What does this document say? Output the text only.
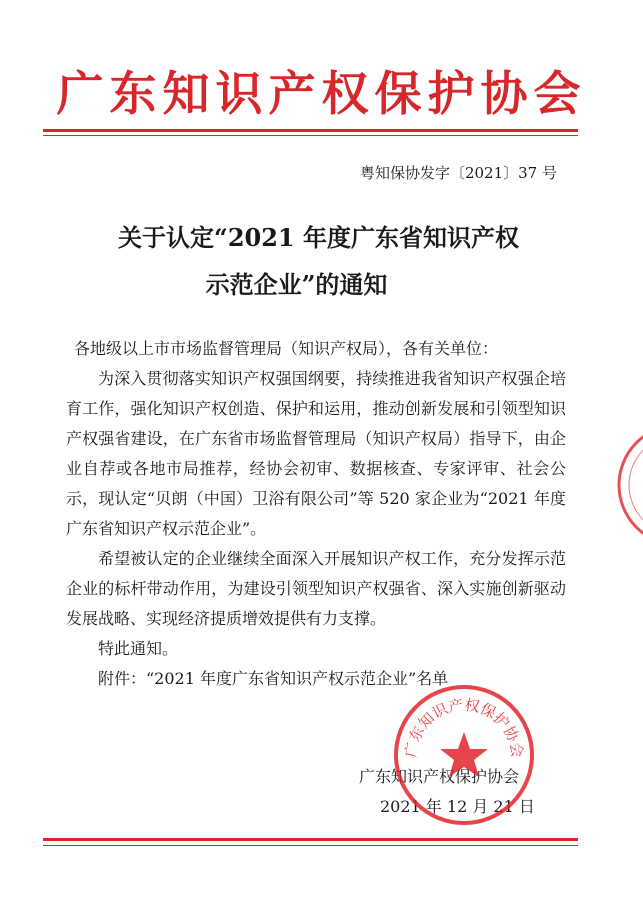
广东知识产权保护协会
粤知保协发字〔2021〕37 号
关于认定“2021 年度广东省知识产权
示范企业”的通知

各地级以上市市场监督管理局（知识产权局），各有关单位：

为深入贯彻落实知识产权强国纲要，持续推进我省知识产权强企培育工作，强化知识产权创造、保护和运用，推动创新发展和引领型知识产权强省建设，在广东省市场监督管理局（知识产权局）指导下，由企业自荐或各地市局推荐，经协会初审、数据核查、专家评审、社会公示，现认定“贝朗（中国）卫浴有限公司”等 520 家企业为“2021 年度广东省知识产权示范企业”。

希望被认定的企业继续全面深入开展知识产权工作，充分发挥示范企业的标杆带动作用，为建设引领型知识产权强省、深入实施创新驱动发展战略、实现经济提质增效提供有力支撑。

特此通知。

附件：“2021 年度广东省知识产权示范企业”名单

广东知识产权保护协会
2021 年 12 月 21 日
广东知识产权保护协会
